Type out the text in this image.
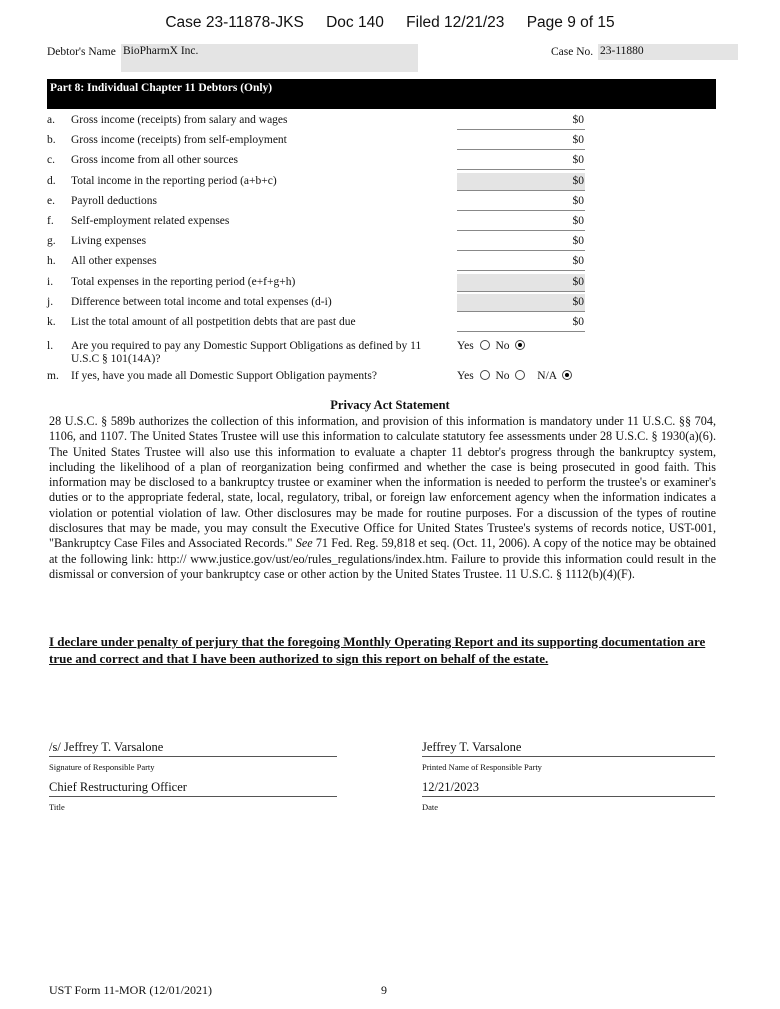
Case 23-11878-JKS Doc 140 Filed 12/21/23 Page 9 of 15
Debtor's Name BioPharmX Inc.	Case No. 23-11880
Part 8: Individual Chapter 11 Debtors (Only)
a. Gross income (receipts) from salary and wages	$0
b. Gross income (receipts) from self-employment	$0
c. Gross income from all other sources	$0
d. Total income in the reporting period (a+b+c)	$0
e. Payroll deductions	$0
f. Self-employment related expenses	$0
g. Living expenses	$0
h. All other expenses	$0
i. Total expenses in the reporting period (e+f+g+h)	$0
j. Difference between total income and total expenses (d-i)	$0
k. List the total amount of all postpetition debts that are past due	$0
l. Are you required to pay any Domestic Support Obligations as defined by 11 U.S.C § 101(14A)?
Yes No
m. If yes, have you made all Domestic Support Obligation payments?	Yes No N/A
Privacy Act Statement
28 U.S.C. § 589b authorizes the collection of this information, and provision of this information is mandatory under 11 U.S.C. §§ 704, 1106, and 1107. The United States Trustee will use this information to calculate statutory fee assessments under 28 U.S.C. § 1930(a)(6). The United States Trustee will also use this information to evaluate a chapter 11 debtor's progress through the bankruptcy system, including the likelihood of a plan of reorganization being confirmed and whether the case is being prosecuted in good faith. This information may be disclosed to a bankruptcy trustee or examiner when the information is needed to perform the trustee's or examiner's duties or to the appropriate federal, state, local, regulatory, tribal, or foreign law enforcement agency when the information indicates a violation or potential violation of law. Other disclosures may be made for routine purposes. For a discussion of the types of routine disclosures that may be made, you may consult the Executive Office for United States Trustee's systems of records notice, UST-001, "Bankruptcy Case Files and Associated Records." See 71 Fed. Reg. 59,818 et seq. (Oct. 11, 2006). A copy of the notice may be obtained at the following link: http:// www.justice.gov/ust/eo/rules_regulations/index.htm. Failure to provide this information could result in the dismissal or conversion of your bankruptcy case or other action by the United States Trustee. 11 U.S.C. § 1112(b)(4)(F).
I declare under penalty of perjury that the foregoing Monthly Operating Report and its supporting documentation are true and correct and that I have been authorized to sign this report on behalf of the estate.
/s/ Jeffrey T. Varsalone
Signature of Responsible Party
Jeffrey T. Varsalone
Printed Name of Responsible Party
Chief Restructuring Officer
Title
12/21/2023
Date
UST Form 11-MOR (12/01/2021)	9
